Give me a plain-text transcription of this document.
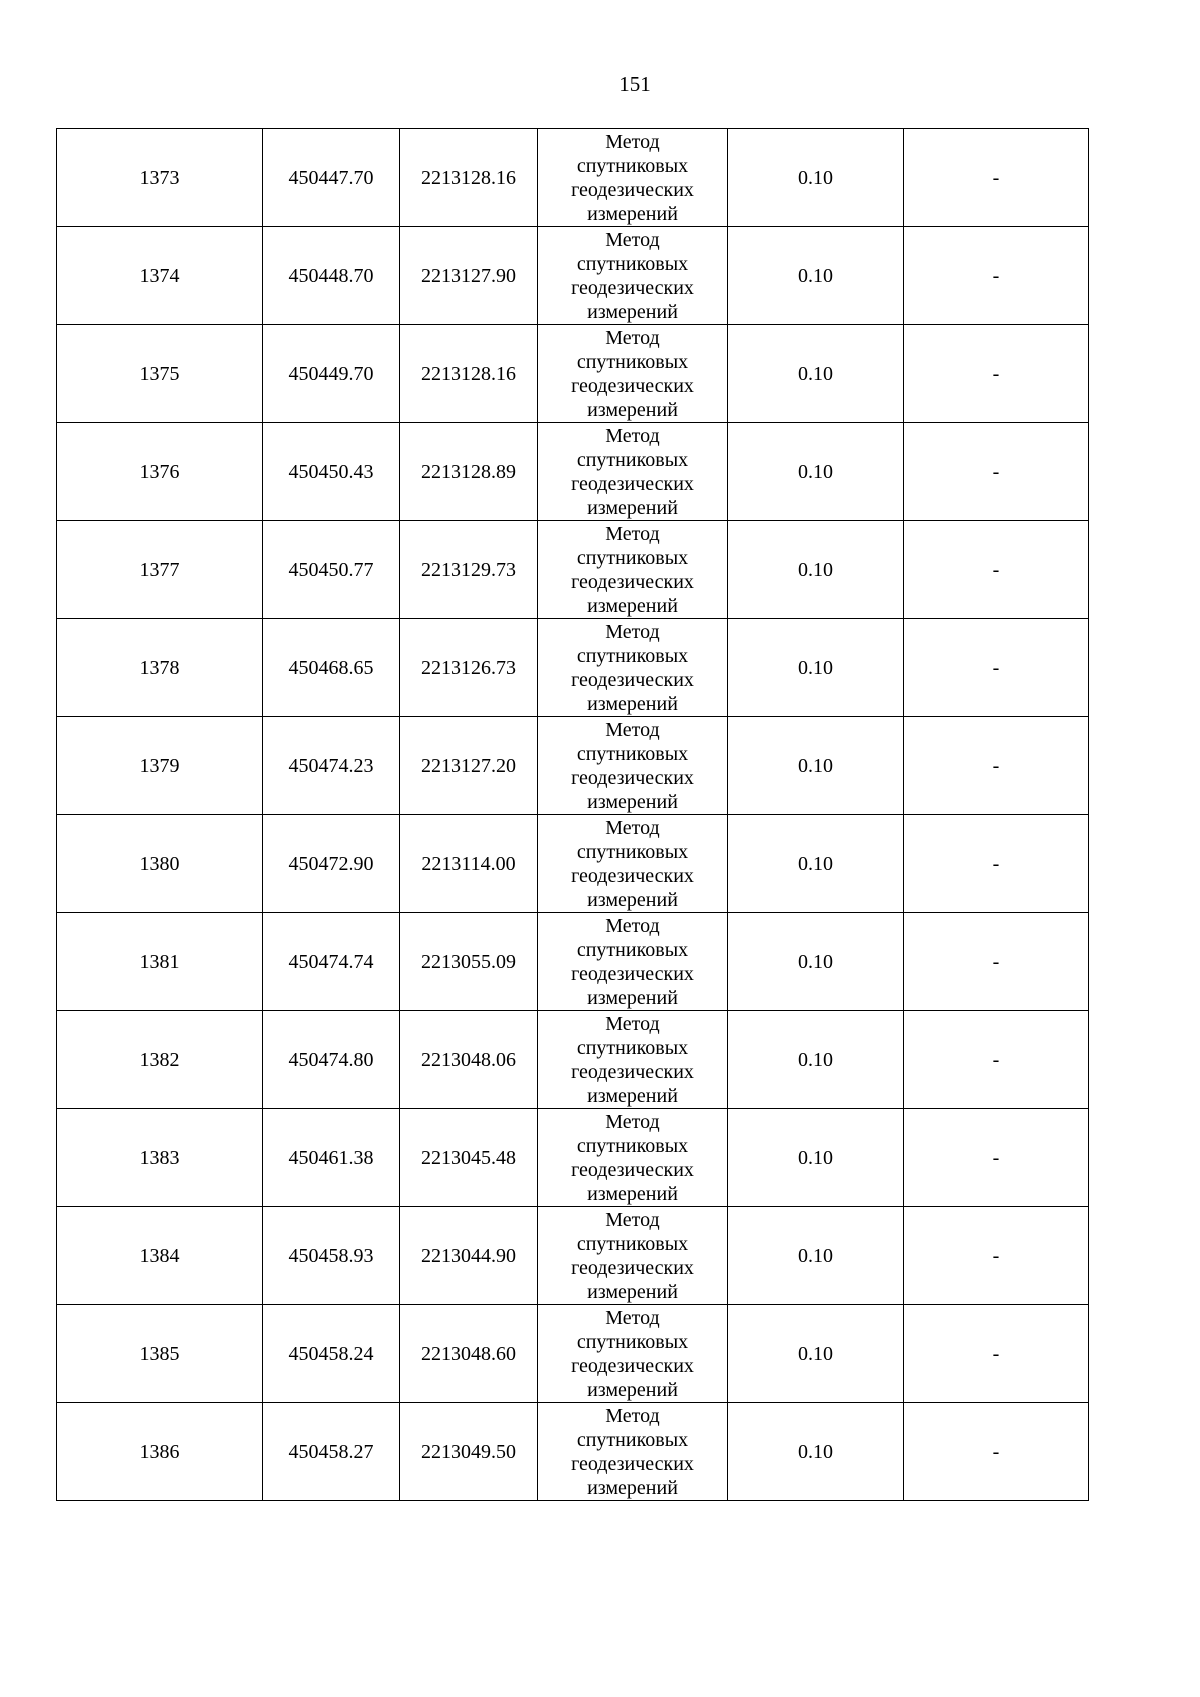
151
1373	450447.70	2213128.16	Метод
спутниковых
геодезических
измерений	0.10	-
1374	450448.70	2213127.90	Метод
спутниковых
геодезических
измерений	0.10	-
1375	450449.70	2213128.16	Метод
спутниковых
геодезических
измерений	0.10	-
1376	450450.43	2213128.89	Метод
спутниковых
геодезических
измерений	0.10	-
1377	450450.77	2213129.73	Метод
спутниковых
геодезических
измерений	0.10	-
1378	450468.65	2213126.73	Метод
спутниковых
геодезических
измерений	0.10	-
1379	450474.23	2213127.20	Метод
спутниковых
геодезических
измерений	0.10	-
1380	450472.90	2213114.00	Метод
спутниковых
геодезических
измерений	0.10	-
1381	450474.74	2213055.09	Метод
спутниковых
геодезических
измерений	0.10	-
1382	450474.80	2213048.06	Метод
спутниковых
геодезических
измерений	0.10	-
1383	450461.38	2213045.48	Метод
спутниковых
геодезических
измерений	0.10	-
1384	450458.93	2213044.90	Метод
спутниковых
геодезических
измерений	0.10	-
1385	450458.24	2213048.60	Метод
спутниковых
геодезических
измерений	0.10	-
1386	450458.27	2213049.50	Метод
спутниковых
геодезических
измерений	0.10	-
